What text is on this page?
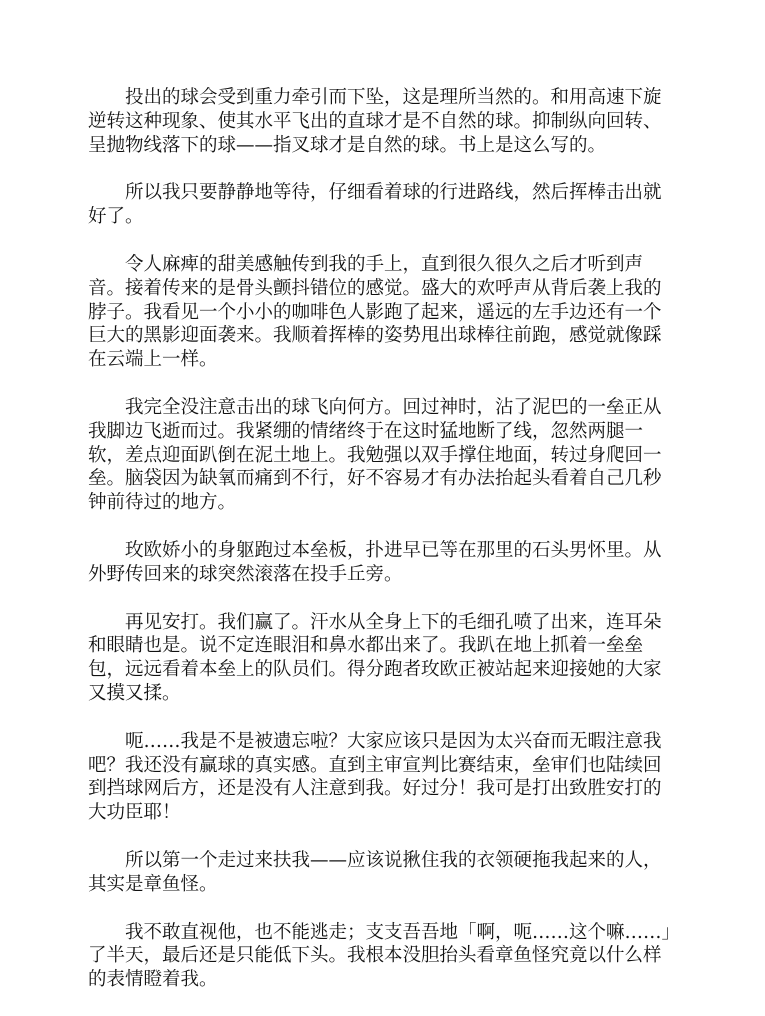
投出的球会受到重力牵引而下坠，这是理所当然的。和用高速下旋逆转这种现象、使其水平飞出的直球才是不自然的球。抑制纵向回转、呈抛物线落下的球——指叉球才是自然的球。书上是这么写的。

所以我只要静静地等待，仔细看着球的行进路线，然后挥棒击出就好了。

令人麻痺的甜美感触传到我的手上，直到很久很久之后才听到声音。接着传来的是骨头颤抖错位的感觉。盛大的欢呼声从背后袭上我的脖子。我看见一个小小的咖啡色人影跑了起来，遥远的左手边还有一个巨大的黑影迎面袭来。我顺着挥棒的姿势甩出球棒往前跑，感觉就像踩在云端上一样。

我完全没注意击出的球飞向何方。回过神时，沾了泥巴的一垒正从我脚边飞逝而过。我紧绷的情绪终于在这时猛地断了线，忽然两腿一软，差点迎面趴倒在泥土地上。我勉强以双手撑住地面，转过身爬回一垒。脑袋因为缺氧而痛到不行，好不容易才有办法抬起头看着自己几秒钟前待过的地方。

玫欧娇小的身躯跑过本垒板，扑进早已等在那里的石头男怀里。从外野传回来的球突然滚落在投手丘旁。

再见安打。我们赢了。汗水从全身上下的毛细孔喷了出来，连耳朵和眼睛也是。说不定连眼泪和鼻水都出来了。我趴在地上抓着一垒垒包，远远看着本垒上的队员们。得分跑者玫欧正被站起来迎接她的大家又摸又揉。

呃……我是不是被遗忘啦？大家应该只是因为太兴奋而无暇注意我吧？我还没有赢球的真实感。直到主审宣判比赛结束，垒审们也陆续回到挡球网后方，还是没有人注意到我。好过分！我可是打出致胜安打的大功臣耶！

所以第一个走过来扶我——应该说揪住我的衣领硬拖我起来的人，其实是章鱼怪。

我不敢直视他，也不能逃走；支支吾吾地「啊，呃……这个嘛……」了半天，最后还是只能低下头。我根本没胆抬头看章鱼怪究竟以什么样的表情瞪着我。
